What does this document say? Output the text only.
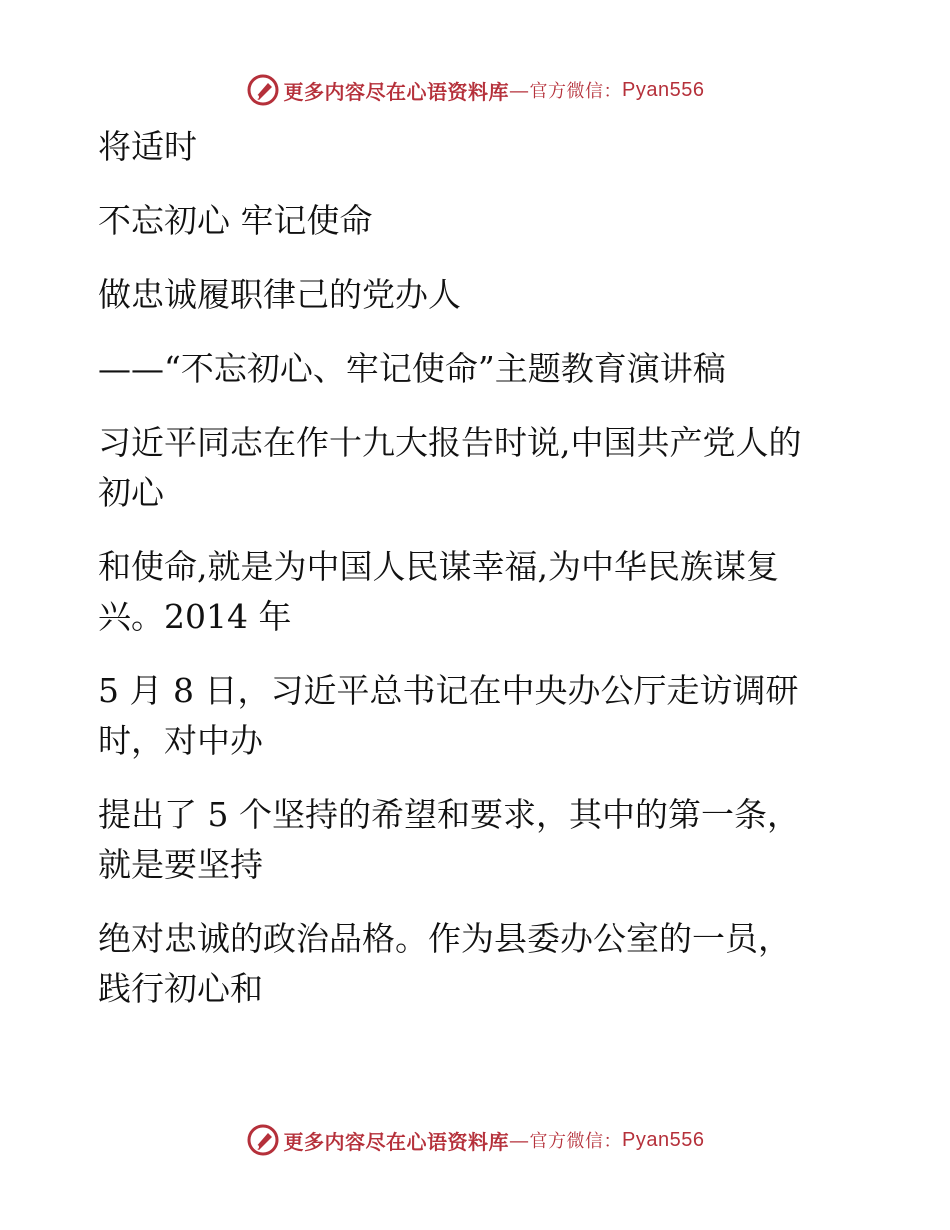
更多内容尽在心语资料库 — 官方微信： Pyan556
将适时
不忘初心 牢记使命
做忠诚履职律己的党办人
——“不忘初心、牢记使命”主题教育演讲稿
习近平同志在作十九大报告时说,中国共产党人的
初心
和使命,就是为中国人民谋幸福,为中华民族谋复
兴。2014 年
5 月 8 日，习近平总书记在中央办公厅走访调研
时，对中办
提出了 5 个坚持的希望和要求，其中的第一条，
就是要坚持
绝对忠诚的政治品格。作为县委办公室的一员，
践行初心和
更多内容尽在心语资料库 — 官方微信： Pyan556
